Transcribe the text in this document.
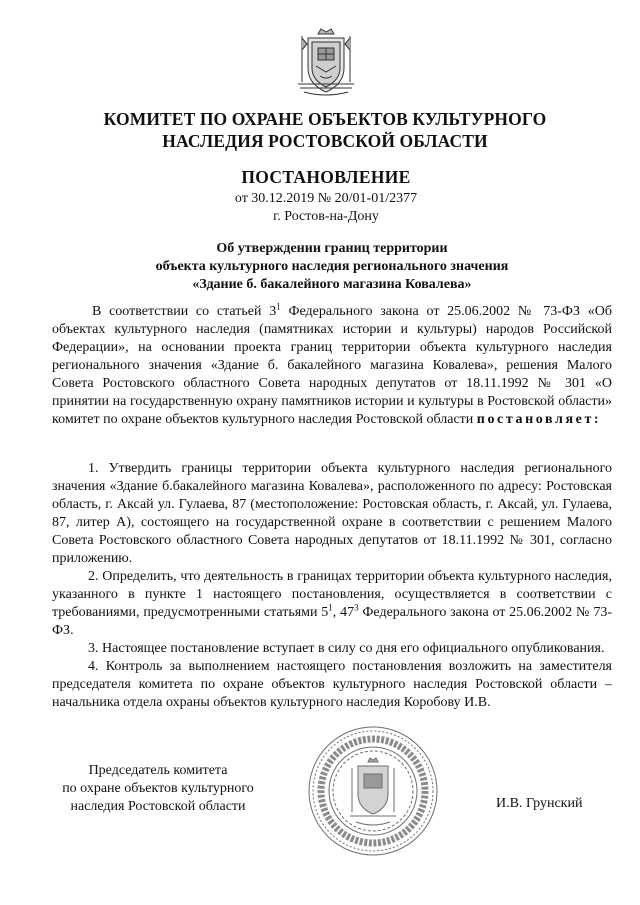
КОМИТЕТ ПО ОХРАНЕ ОБЪЕКТОВ КУЛЬТУРНОГО
НАСЛЕДИЯ РОСТОВСКОЙ ОБЛАСТИ
ПОСТАНОВЛЕНИЕ
от 30.12.2019 № 20/01-01/2377
г. Ростов-на-Дону
Об утверждении границ территории
объекта культурного наследия регионального значения
«Здание б. бакалейного магазина Ковалева»

В соответствии со статьей $3^1$ Федерального закона от 25.06.2002 № 73-ФЗ «Об объектах культурного наследия (памятниках истории и культуры) народов Российской Федерации», на основании проекта границ территории объекта культурного наследия регионального значения «Здание б. бакалейного магазина Ковалева», решения Малого Совета Ростовского областного Совета народных депутатов от 18.11.1992 № 301 «О принятии на государственную охрану памятников истории и культуры в Ростовской области» комитет по охране объектов культурного наследия Ростовской области постановляет:

1. Утвердить границы территории объекта культурного наследия регионального значения «Здание б.бакалейного магазина Ковалева», расположенного по адресу: Ростовская область, г. Аксай ул. Гулаева, 87 (местоположение: Ростовская область, г. Аксай, ул. Гулаева, 87, литер А), состоящего на государственной охране в соответствии с решением Малого Совета Ростовского областного Совета народных депутатов от 18.11.1992 № 301, согласно приложению.

2. Определить, что деятельность в границах территории объекта культурного наследия, указанного в пункте 1 настоящего постановления, осуществляется в соответствии с требованиями, предусмотренными статьями $5^1$, $47^3$ Федерального закона от 25.06.2002 № 73-ФЗ.

3. Настоящее постановление вступает в силу со дня его официального опубликования.

4. Контроль за выполнением настоящего постановления возложить на заместителя председателя комитета по охране объектов культурного наследия Ростовской области – начальника отдела охраны объектов культурного наследия Коробову И.В.

Председатель комитета
по охране объектов культурного
наследия Ростовской области	И.В. Грунский
